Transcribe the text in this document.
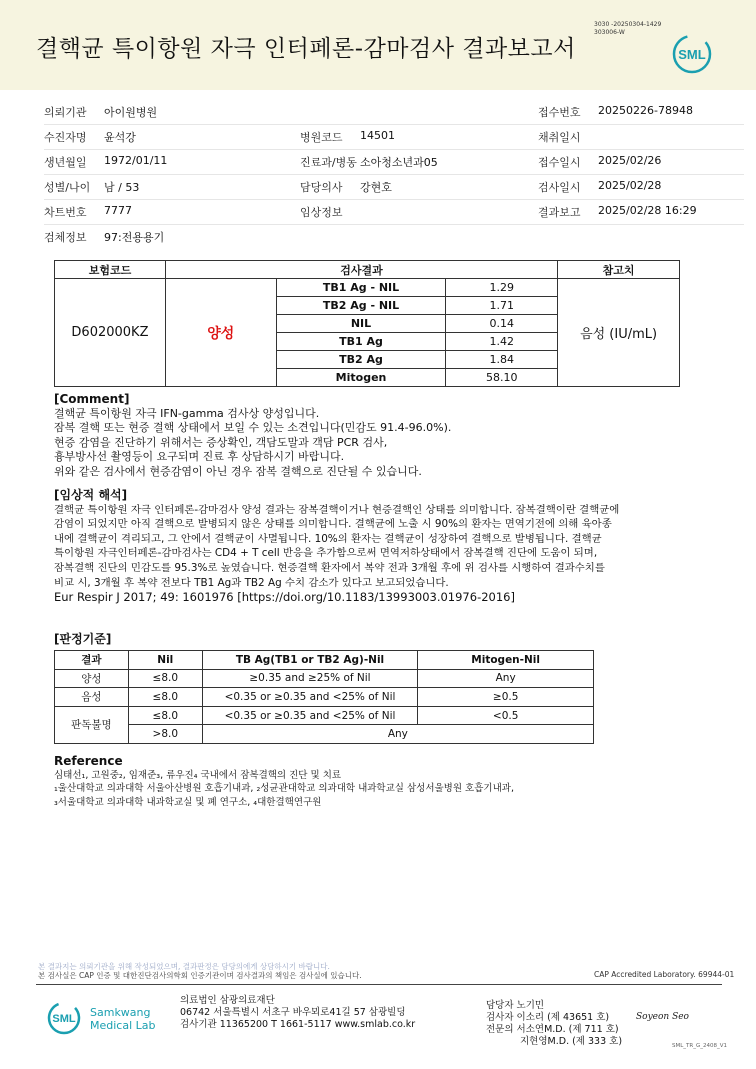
결핵균 특이항원 자극 인터페론-감마검사 결과보고서
3030 -20250304-1429
303006-W
SML
의뢰기관 아이원병원	접수번호 20250226-78948
수진자명 윤석강	병원코드 14501	채취일시
생년월일 1972/01/11	진료과/병동 소아청소년과05	접수일시 2025/02/26
성별/나이 남 / 53	담당의사 강현호	검사일시 2025/02/28
차트번호 7777	임상정보	결과보고 2025/02/28 16:29
검체정보 97:전용용기
보험코드	검사결과			참고치
D602000KZ	양성	TB1 Ag - NIL	1.29	음성 (IU/mL)
		TB2 Ag - NIL	1.71	
		NIL	0.14	
		TB1 Ag	1.42	
		TB2 Ag	1.84	
		Mitogen	58.10	
[Comment]
결핵균 특이항원 자극 IFN-gamma 검사상 양성입니다.
잠복 결핵 또는 현증 결핵 상태에서 보일 수 있는 소견입니다(민감도 91.4-96.0%).
현증 감염을 진단하기 위해서는 증상확인, 객담도말과 객담 PCR 검사,
흉부방사선 촬영등이 요구되며 진료 후 상담하시기 바랍니다.
위와 같은 검사에서 현증감염이 아닌 경우 잠복 결핵으로 진단될 수 있습니다.
[임상적 해석]
결핵균 특이항원 자극 인터페론-감마검사 양성 결과는 잠복결핵이거나 현증결핵인 상태를 의미합니다. 잠복결핵이란 결핵균에
감염이 되었지만 아직 결핵으로 발병되지 않은 상태를 의미합니다. 결핵균에 노출 시 90%의 환자는 면역기전에 의해 육아종
내에 결핵균이 격리되고, 그 안에서 결핵균이 사멸됩니다. 10%의 환자는 결핵균이 성장하여 결핵으로 발병됩니다. 결핵균
특이항원 자극인터페론-감마검사는 CD4 + T cell 반응을 추가함으로써 면역저하상태에서 잠복결핵 진단에 도움이 되며,
잠복결핵 진단의 민감도를 95.3%로 높였습니다. 현증결핵 환자에서 복약 전과 3개월 후에 위 검사를 시행하여 결과수치를
비교 시, 3개월 후 복약 전보다 TB1 Ag과 TB2 Ag 수치 감소가 있다고 보고되었습니다.
Eur Respir J 2017; 49: 1601976 [https://doi.org/10.1183/13993003.01976-2016]
[판정기준]
결과	Nil	TB Ag(TB1 or TB2 Ag)-Nil	Mitogen-Nil
양성	≤8.0	≥0.35 and ≥25% of Nil	Any
음성	≤8.0	<0.35 or ≥0.35 and <25% of Nil	≥0.5
판독불명	≤8.0	<0.35 or ≥0.35 and <25% of Nil	<0.5
	>8.0	Any	
Reference
심태선₁, 고원중₂, 임재준₃, 류우진₄ 국내에서 잠복결핵의 진단 및 치료
₁울산대학교 의과대학 서울아산병원 호흡기내과, ₂성균관대학교 의과대학 내과학교실 삼성서울병원 호흡기내과,
₃서울대학교 의과대학 내과학교실 및 폐 연구소, ₄대한결핵연구원
본 결과지는 의뢰기관을 위해 작성되었으며, 결과판정은 담당의에게 상담하시기 바랍니다.
본 검사실은 CAP 인증 및 대한진단검사의학회 인증기관이며 검사결과의 책임은 검사실에 있습니다.	CAP Accredited Laboratory. 69944-01
SML Samkwang
Medical Lab
의료법인 삼광의료재단
06742 서울특별시 서초구 바우뫼로41길 57 삼광빌딩
검사기관 11365200 T 1661-5117 www.smlab.co.kr
담당자 노기민
검사자 이소리 (제 43651 호)
전문의 서소연M.D. (제 711 호)
지현영M.D. (제 333 호)
Soyeon Seo
SML_TR_G_2408_V1
